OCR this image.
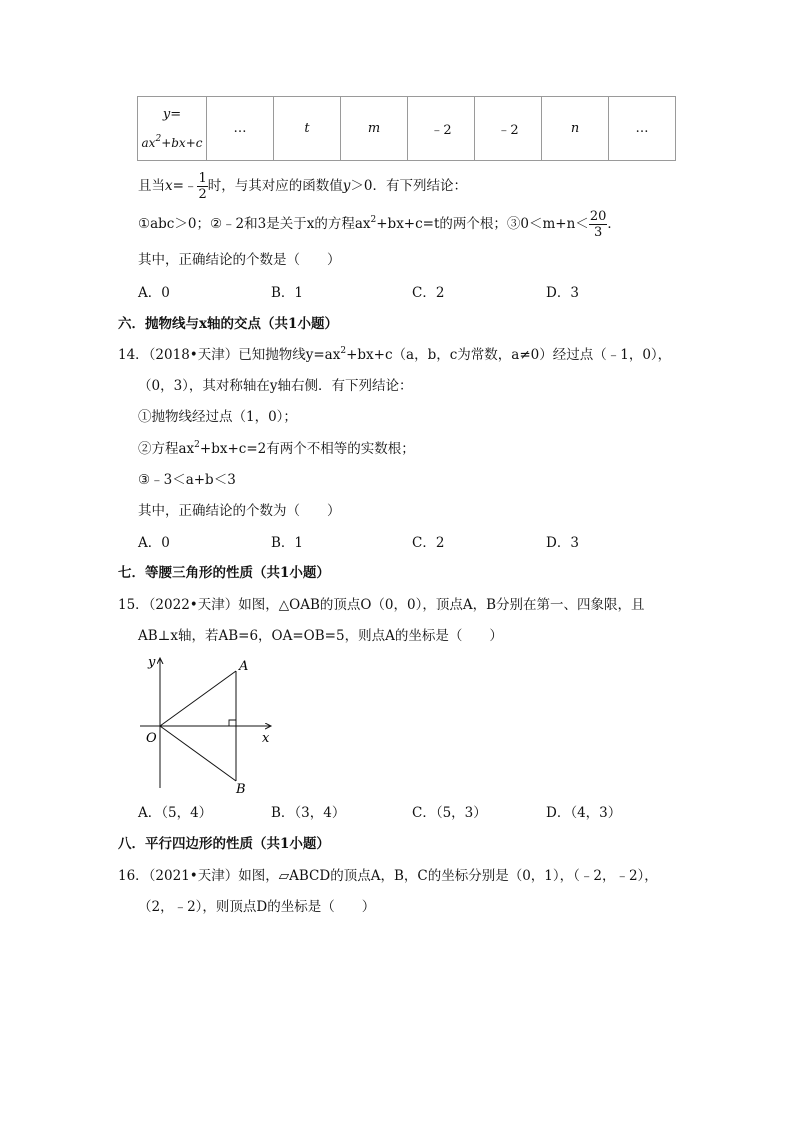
y=
$ax^2+bx+c$
	…	t	m	﹣2	﹣2	n	…
且当x=﹣ $\frac{1}{2}$ 时，与其对应的函数值y＞0．有下列结论：
①abc＞0；②﹣2和3是关于x的方程$ax^2+bx+c=t$的两个根；③0＜m+n＜ $\frac{20}{3}$ ．
其中，正确结论的个数是（　　）
A．0	B．1	C．2	D．3
六．抛物线与x轴的交点（共1小题）
14．（2018•天津）已知抛物线$y=ax^2+bx+c(a$，b，c为常数，a≠0）经过点（﹣1，0），
（0，3），其对称轴在y轴右侧．有下列结论：
①抛物线经过点（1，0）；
②方程$ax^2+bx+c=2$有两个不相等的实数根；
③﹣3＜a+b＜3
其中，正确结论的个数为（　　）
A．0	B．1	C．2	D．3
七．等腰三角形的性质（共1小题）
15．（2022•天津）如图，△OAB的顶点O（0，0），顶点A，B分别在第一、四象限，且
AB⊥x轴，若AB=6，OA=OB=5，则点A的坐标是（　　）
y
x
O
A
B
A．（5，4）	B．（3，4）	C．（5，3）	D．（4，3）
八．平行四边形的性质（共1小题）
16．（2021•天津）如图，▱ABCD的顶点A，B，C的坐标分别是（0，1），（﹣2，﹣2），
（2，﹣2），则顶点D的坐标是（　　）
